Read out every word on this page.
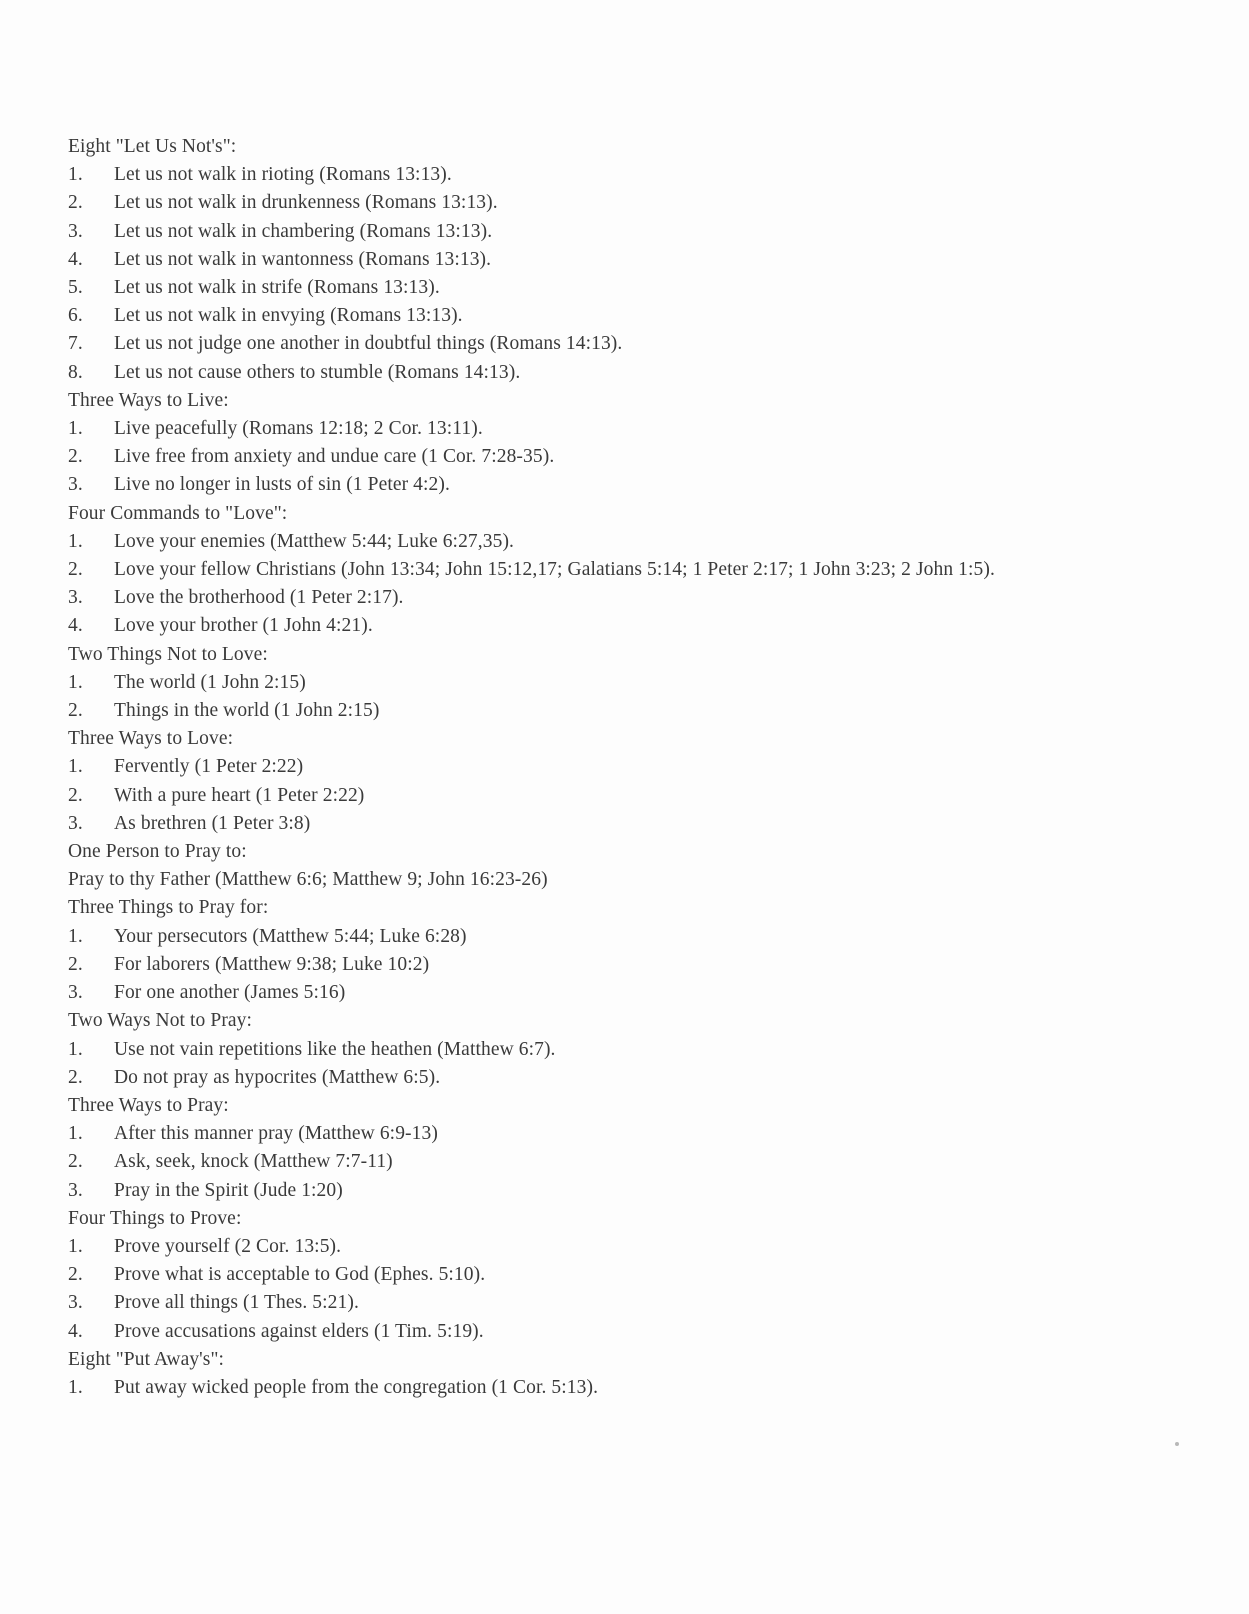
Eight "Let Us Not's":
1.	Let us not walk in rioting (Romans 13:13).
2.	Let us not walk in drunkenness (Romans 13:13).
3.	Let us not walk in chambering (Romans 13:13).
4.	Let us not walk in wantonness (Romans 13:13).
5.	Let us not walk in strife (Romans 13:13).
6.	Let us not walk in envying (Romans 13:13).
7.	Let us not judge one another in doubtful things (Romans 14:13).
8.	Let us not cause others to stumble (Romans 14:13).
Three Ways to Live:
1.	Live peacefully (Romans 12:18; 2 Cor. 13:11).
2.	Live free from anxiety and undue care (1 Cor. 7:28-35).
3.	Live no longer in lusts of sin (1 Peter 4:2).
Four Commands to "Love":
1.	Love your enemies (Matthew 5:44; Luke 6:27,35).
2.	Love your fellow Christians (John 13:34; John 15:12,17; Galatians 5:14; 1 Peter 2:17; 1 John 3:23; 2 John 1:5).
3.	Love the brotherhood (1 Peter 2:17).
4.	Love your brother (1 John 4:21).
Two Things Not to Love:
1.	The world (1 John 2:15)
2.	Things in the world (1 John 2:15)
Three Ways to Love:
1.	Fervently (1 Peter 2:22)
2.	With a pure heart (1 Peter 2:22)
3.	As brethren (1 Peter 3:8)
One Person to Pray to:
Pray to thy Father (Matthew 6:6; Matthew 9; John 16:23-26)
Three Things to Pray for:
1.	Your persecutors (Matthew 5:44; Luke 6:28)
2.	For laborers (Matthew 9:38; Luke 10:2)
3.	For one another (James 5:16)
Two Ways Not to Pray:
1.	Use not vain repetitions like the heathen (Matthew 6:7).
2.	Do not pray as hypocrites (Matthew 6:5).
Three Ways to Pray:
1.	After this manner pray (Matthew 6:9-13)
2.	Ask, seek, knock (Matthew 7:7-11)
3.	Pray in the Spirit (Jude 1:20)
Four Things to Prove:
1.	Prove yourself (2 Cor. 13:5).
2.	Prove what is acceptable to God (Ephes. 5:10).
3.	Prove all things (1 Thes. 5:21).
4.	Prove accusations against elders (1 Tim. 5:19).
Eight "Put Away's":
1.	Put away wicked people from the congregation (1 Cor. 5:13).
